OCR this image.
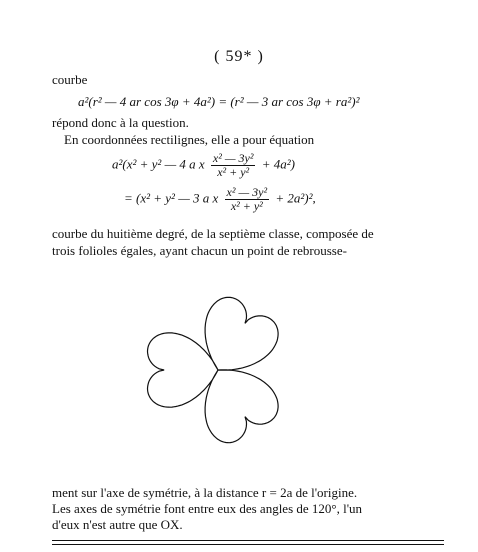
( 59* )
courbe
a²(r² — 4 ar cos 3φ + 4a²) = (r² — 3 ar cos 3φ + ra²)²
répond donc à la question.
En coordonnées rectilignes, elle a pour équation
a²(x² + y² — 4 a x $\frac{\text{x² — 3y²}}{\text{x² + y²}} + 4a^2$)
= (x² + y² — 3 a x $\frac{\text{x² — 3y²}}{\text{x² + y²}} + 2a^2)^2$,
courbe du huitième degré, de la septième classe, composée de
trois folioles égales, ayant chacun un point de rebrousse-
ment sur l'axe de symétrie, à la distance r = 2a de l'origine.
Les axes de symétrie font entre eux des angles de 120°, l'un
d'eux n'est autre que OX.
